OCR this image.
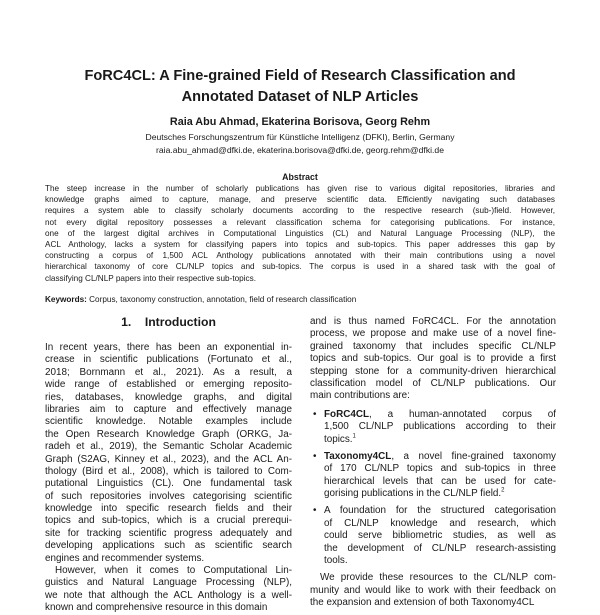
FoRC4CL: A Fine-grained Field of Research Classification and
Annotated Dataset of NLP Articles
Raia Abu Ahmad, Ekaterina Borisova, Georg Rehm
Deutsches Forschungszentrum für Künstliche Intelligenz (DFKI), Berlin, Germany
raia.abu_ahmad@dfki.de, ekaterina.borisova@dfki.de, georg.rehm@dfki.de
Abstract
The steep increase in the number of scholarly publications has given rise to various digital repositories, libraries and
knowledge graphs aimed to capture, manage, and preserve scientific data. Efficiently navigating such databases
requires a system able to classify scholarly documents according to the respective research (sub-)field. However,
not every digital repository possesses a relevant classification schema for categorising publications. For instance,
one of the largest digital archives in Computational Linguistics (CL) and Natural Language Processing (NLP), the
ACL Anthology, lacks a system for classifying papers into topics and sub-topics. This paper addresses this gap by
constructing a corpus of 1,500 ACL Anthology publications annotated with their main contributions using a novel
hierarchical taxonomy of core CL/NLP topics and sub-topics. The corpus is used in a shared task with the goal of
classifying CL/NLP papers into their respective sub-topics.
Keywords: Corpus, taxonomy construction, annotation, field of research classification
1. Introduction
In recent years, there has been an exponential in-
crease in scientific publications (Fortunato et al.,
2018; Bornmann et al., 2021). As a result, a
wide range of established or emerging reposito-
ries, databases, knowledge graphs, and digital
libraries aim to capture and effectively manage
scientific knowledge. Notable examples include
the Open Research Knowledge Graph (ORKG, Ja-
radeh et al., 2019), the Semantic Scholar Academic
Graph (S2AG, Kinney et al., 2023), and the ACL An-
thology (Bird et al., 2008), which is tailored to Com-
putational Linguistics (CL). One fundamental task
of such repositories involves categorising scientific
knowledge into specific research fields and their
topics and sub-topics, which is a crucial prerequi-
site for tracking scientific progress adequately and
developing applications such as scientific search
engines and recommender systems.
However, when it comes to Computational Lin-
guistics and Natural Language Processing (NLP),
we note that although the ACL Anthology is a well-
known and comprehensive resource in this domain
and is thus named FoRC4CL. For the annotation
process, we propose and make use of a novel fine-
grained taxonomy that includes specific CL/NLP
topics and sub-topics. Our goal is to provide a first
stepping stone for a community-driven hierarchical
classification model of CL/NLP publications. Our
main contributions are:
• FoRC4CL, a human-annotated corpus of
1,500 CL/NLP publications according to their
topics.$^1$
• Taxonomy4CL, a novel fine-grained taxonomy
of 170 CL/NLP topics and sub-topics in three
hierarchical levels that can be used for cate-
gorising publications in the CL/NLP field.$^2$
• A foundation for the structured categorisation
of CL/NLP knowledge and research, which
could serve bibliometric studies, as well as
the development of CL/NLP research-assisting
tools.
We provide these resources to the CL/NLP com-
munity and would like to work with their feedback on
the expansion and extension of both Taxonomy4CL
